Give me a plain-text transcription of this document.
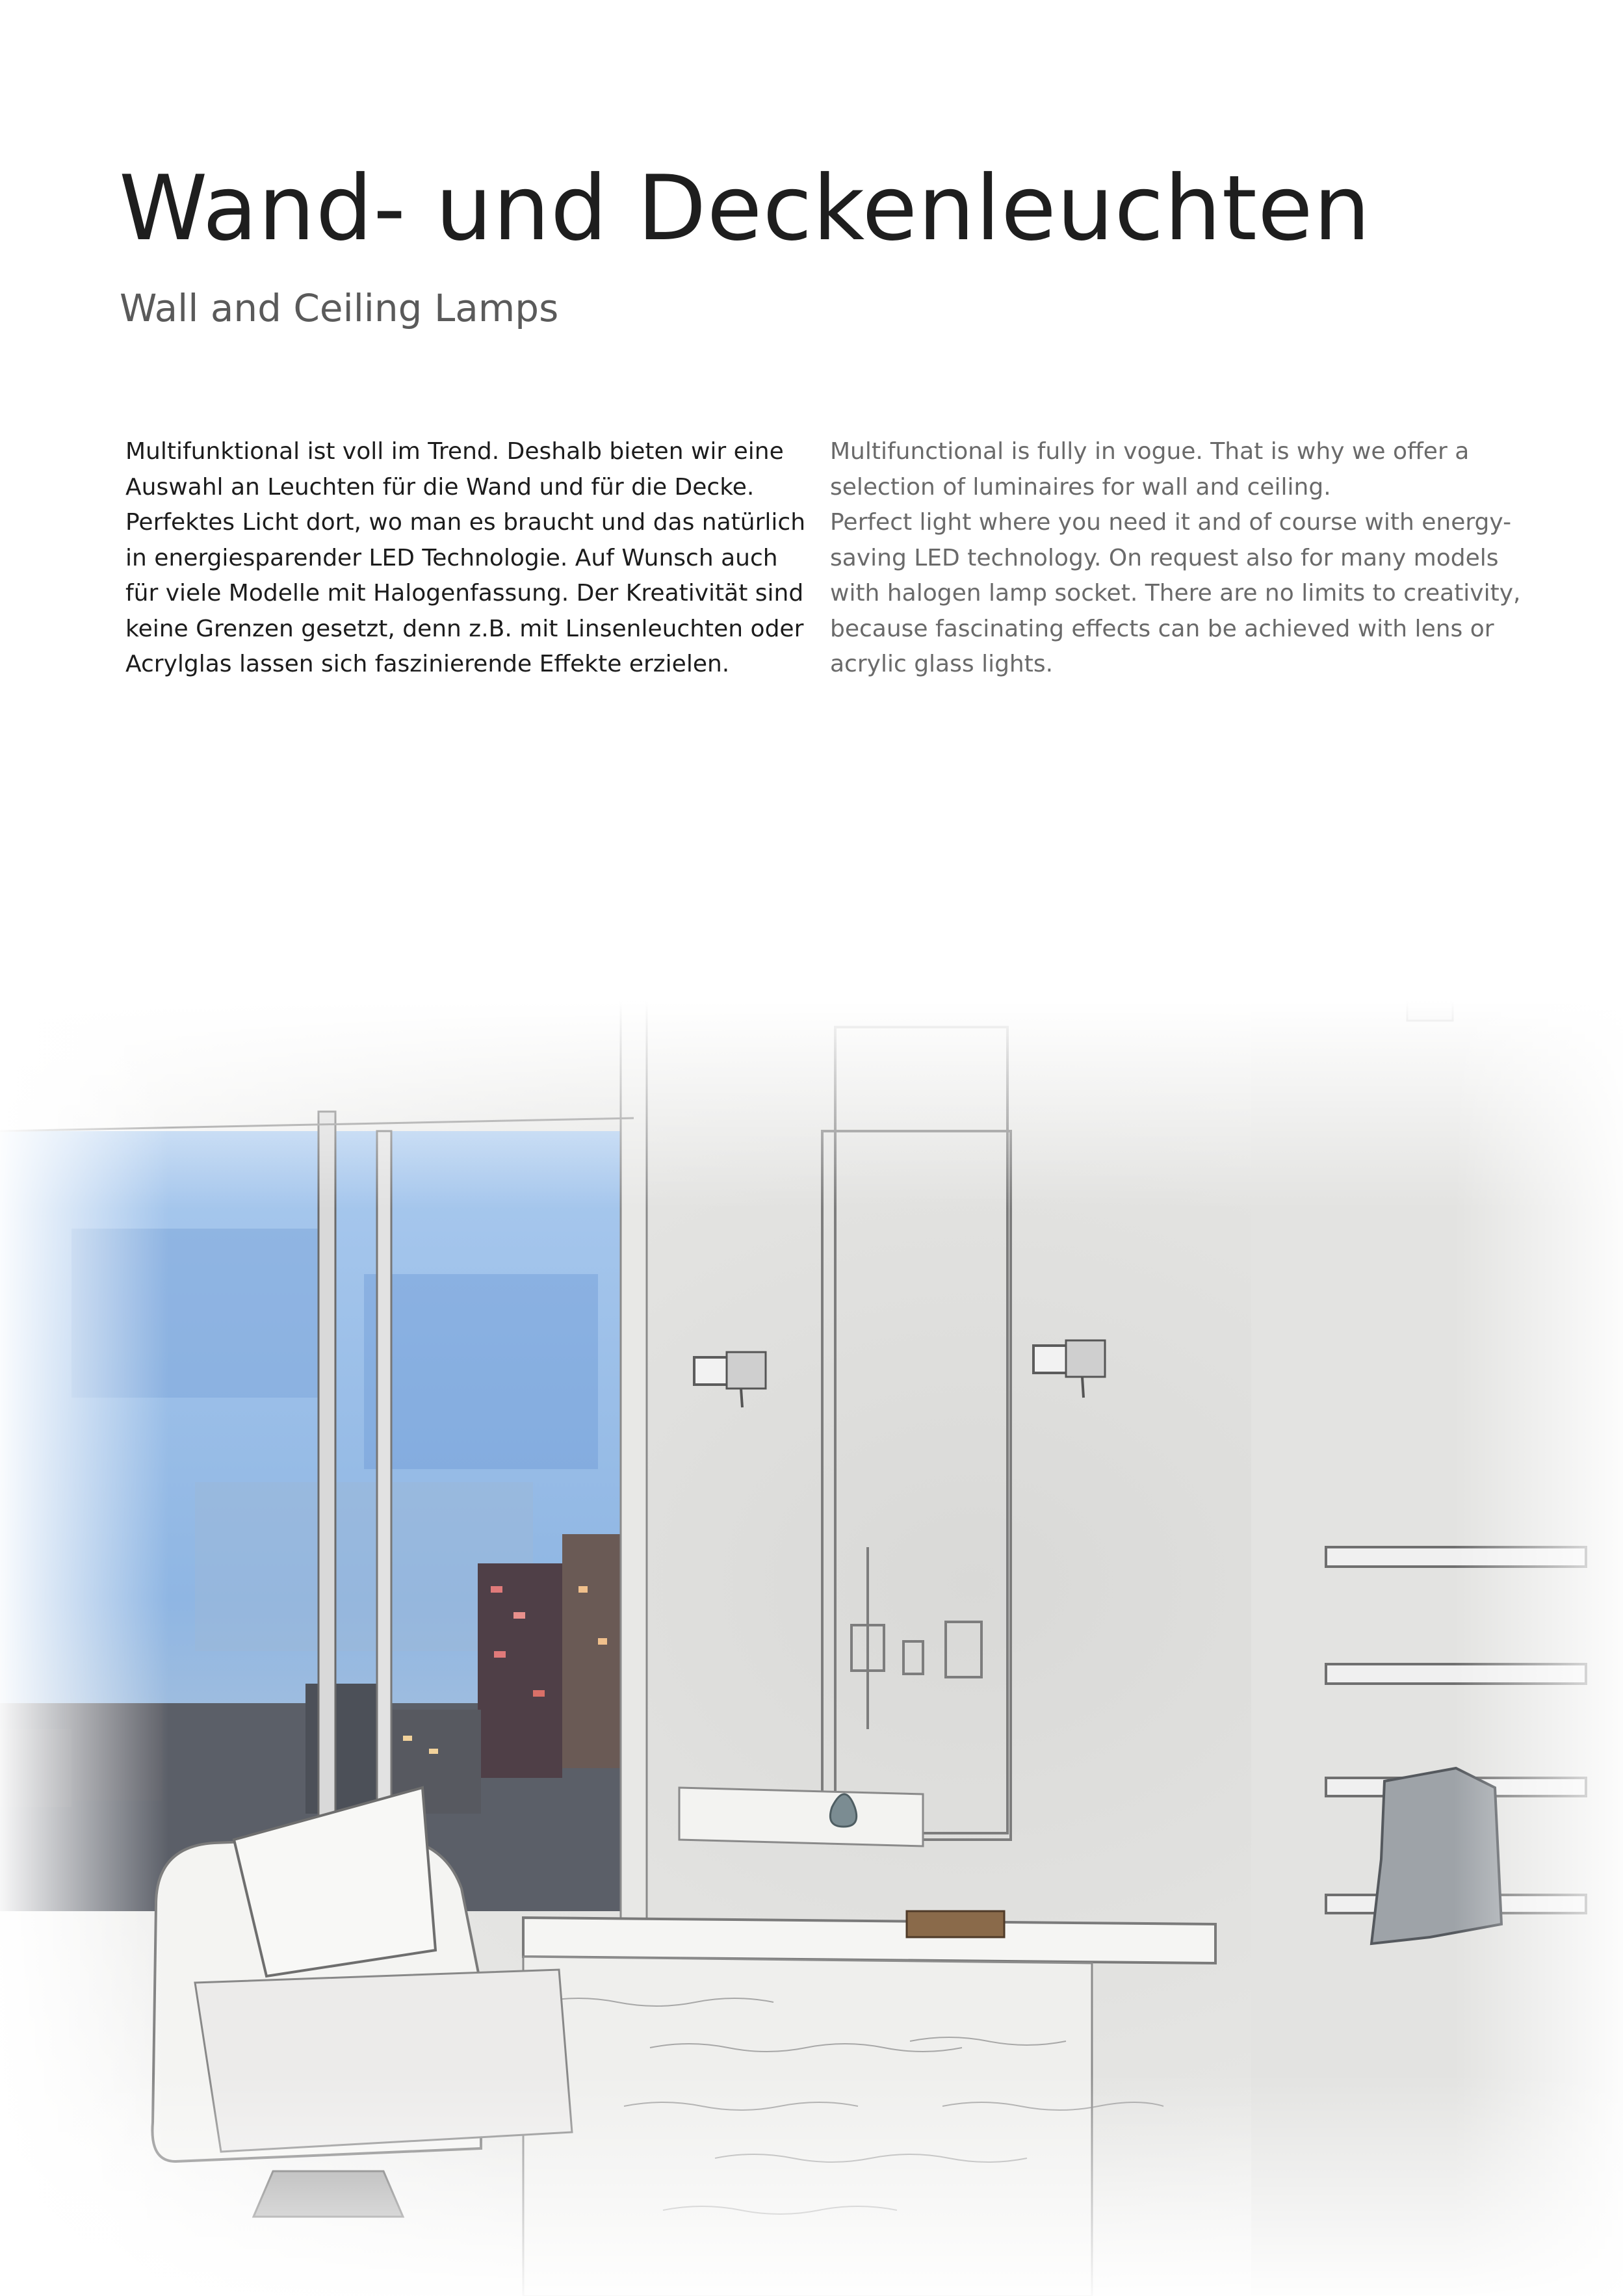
Wand- und Deckenleuchten
Wall and Ceiling Lamps

Multifunktional ist voll im Trend. Deshalb bieten wir eine

Auswahl an Leuchten für die Wand und für die Decke.

Perfektes Licht dort, wo man es braucht und das natürlich

in energiesparender LED Technologie. Auf Wunsch auch

für viele Modelle mit Halogenfassung. Der Kreativität sind

keine Grenzen gesetzt, denn z.B. mit Linsenleuchten oder

Acrylglas lassen sich faszinierende Effekte erzielen.

Multifunctional is fully in vogue. That is why we offer a

selection of luminaires for wall and ceiling.

Perfect light where you need it and of course with energy-

saving LED technology. On request also for many models

with halogen lamp socket. There are no limits to creativity,

because fascinating effects can be achieved with lens or

acrylic glass lights.
